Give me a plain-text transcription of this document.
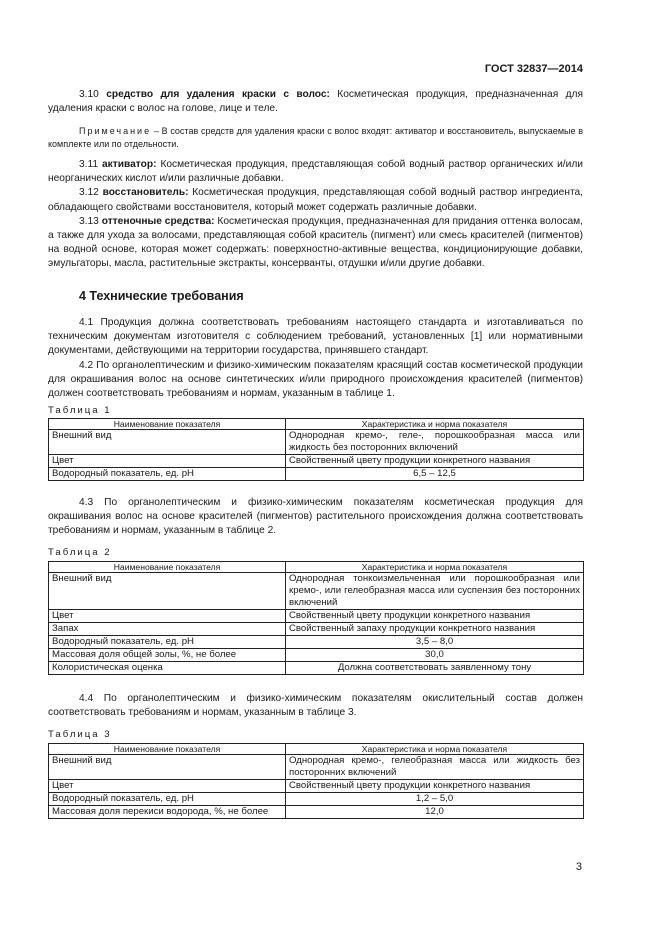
ГОСТ 32837—2014

3.10 средство для удаления краски с волос: Косметическая продукция, предназначенная для удаления краски с волос на голове, лице и теле.

Примечание – В состав средств для удаления краски с волос входят: активатор и восстановитель, выпускаемые в комплекте или по отдельности.

3.11 активатор: Косметическая продукция, представляющая собой водный раствор органических и/или неорганических кислот и/или различные добавки.

3.12 восстановитель: Косметическая продукция, представляющая собой водный раствор ингредиента, обладающего свойствами восстановителя, который может содержать различные добавки.

3.13 оттеночные средства: Косметическая продукция, предназначенная для придания оттенка волосам, а также для ухода за волосами, представляющая собой краситель (пигмент) или смесь красителей (пигментов) на водной основе, которая может содержать: поверхностно-активные вещества, кондиционирующие добавки, эмульгаторы, масла, растительные экстракты, консерванты, отдушки и/или другие добавки.

4 Технические требования

4.1 Продукция должна соответствовать требованиям настоящего стандарта и изготавливаться по техническим документам изготовителя с соблюдением требований, установленных [1] или нормативными документами, действующими на территории государства, принявшего стандарт.

4.2 По органолептическим и физико-химическим показателям красящий состав косметической продукции для окрашивания волос на основе синтетических и/или природного происхождения красителей (пигментов) должен соответствовать требованиям и нормам, указанным в таблице 1.

Таблица 1
Наименование показателя	Характеристика и норма показателя
Внешний вид	Однородная кремо-, геле-, порошкообразная масса или жидкость без посторонних включений
Цвет	Свойственный цвету продукции конкретного названия
Водородный показатель, ед. рН	6,5 – 12,5

4.3 По органолептическим и физико-химическим показателям косметическая продукция для окрашивания волос на основе красителей (пигментов) растительного происхождения должна соответствовать требованиям и нормам, указанным в таблице 2.

Таблица 2
Наименование показателя	Характеристика и норма показателя
Внешний вид	Однородная тонкоизмельченная или порошкообразная или кремо-, или гелеобразная масса или суспензия без посторонних включений
Цвет	Свойственный цвету продукции конкретного названия
Запах	Свойственный запаху продукции конкретного названия
Водородный показатель, ед. рН	3,5 – 8,0
Массовая доля общей золы, %, не более	30,0
Колористическая оценка	Должна соответствовать заявленному тону

4.4 По органолептическим и физико-химическим показателям окислительный состав должен соответствовать требованиям и нормам, указанным в таблице 3.

Таблица 3
Наименование показателя	Характеристика и норма показателя
Внешний вид	Однородная кремо-, гелеобразная масса или жидкость без посторонних включений
Цвет	Свойственный цвету продукции конкретного названия
Водородный показатель, ед. рН	1,2 – 5,0
Массовая доля перекиси водорода, %, не более	12,0
3
